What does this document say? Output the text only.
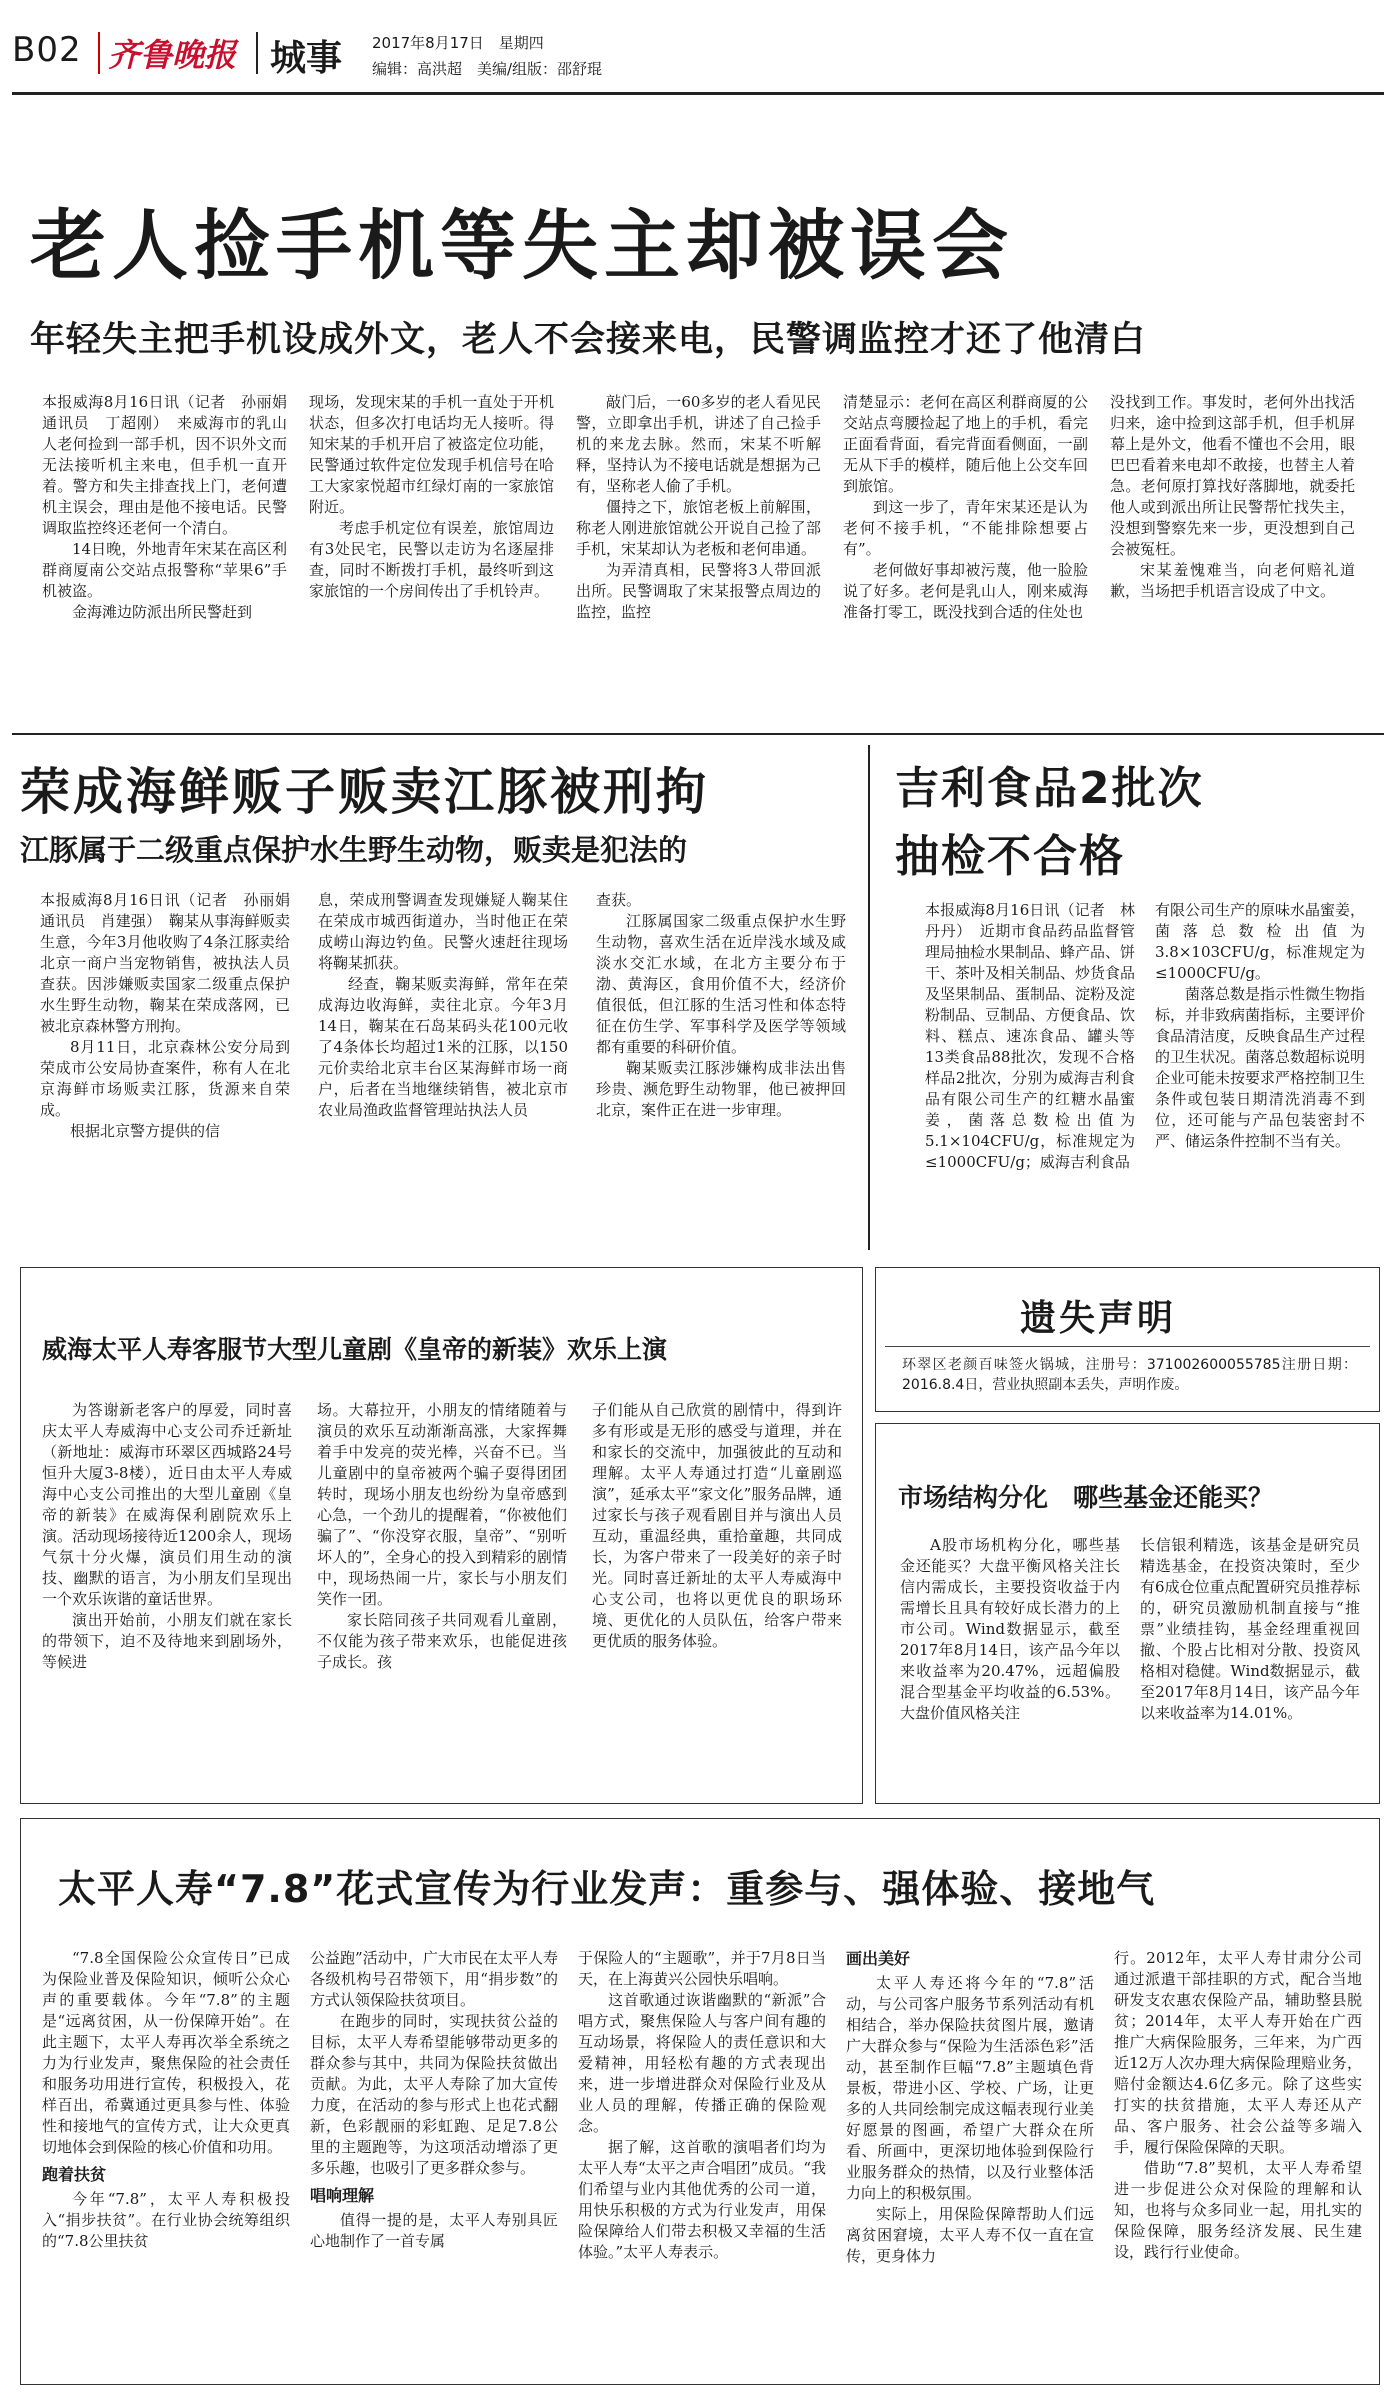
B02 齐鲁晚报 城事 2017年8月17日　星期四
编辑：高洪超　美编/组版：邵舒琨
老人捡手机等失主却被误会
年轻失主把手机设成外文，老人不会接来电，民警调监控才还了他清白

本报威海8月16日讯（记者　孙丽娟　通讯员　丁超刚）　来威海市的乳山人老何捡到一部手机，因不识外文而无法接听机主来电，但手机一直开着。警方和失主排查找上门，老何遭机主误会，理由是他不接电话。民警调取监控终还老何一个清白。

14日晚，外地青年宋某在高区利群商厦南公交站点报警称“苹果6”手机被盗。

金海滩边防派出所民警赶到

现场，发现宋某的手机一直处于开机状态，但多次打电话均无人接听。得知宋某的手机开启了被盗定位功能，民警通过软件定位发现手机信号在哈工大家家悦超市红绿灯南的一家旅馆附近。

考虑手机定位有误差，旅馆周边有3处民宅，民警以走访为名逐屋排查，同时不断拨打手机，最终听到这家旅馆的一个房间传出了手机铃声。

敲门后，一60多岁的老人看见民警，立即拿出手机，讲述了自己捡手机的来龙去脉。然而，宋某不听解释，坚持认为不接电话就是想据为己有，坚称老人偷了手机。

僵持之下，旅馆老板上前解围，称老人刚进旅馆就公开说自己捡了部手机，宋某却认为老板和老何串通。

为弄清真相，民警将3人带回派出所。民警调取了宋某报警点周边的监控，监控

清楚显示：老何在高区利群商厦的公交站点弯腰捡起了地上的手机，看完正面看背面，看完背面看侧面，一副无从下手的模样，随后他上公交车回到旅馆。

到这一步了，青年宋某还是认为老何不接手机，“不能排除想要占有”。

老何做好事却被污蔑，他一脸脸说了好多。老何是乳山人，刚来威海准备打零工，既没找到合适的住处也

没找到工作。事发时，老何外出找活归来，途中捡到这部手机，但手机屏幕上是外文，他看不懂也不会用，眼巴巴看着来电却不敢接，也替主人着急。老何原打算找好落脚地，就委托他人或到派出所让民警帮忙找失主，没想到警察先来一步，更没想到自己会被冤枉。

宋某羞愧难当，向老何赔礼道歉，当场把手机语言设成了中文。

荣成海鲜贩子贩卖江豚被刑拘
江豚属于二级重点保护水生野生动物，贩卖是犯法的

本报威海8月16日讯（记者　孙丽娟　通讯员　肖建强）　鞠某从事海鲜贩卖生意，今年3月他收购了4条江豚卖给北京一商户当宠物销售，被执法人员查获。因涉嫌贩卖国家二级重点保护水生野生动物，鞠某在荣成落网，已被北京森林警方刑拘。

8月11日，北京森林公安分局到荣成市公安局协查案件，称有人在北京海鲜市场贩卖江豚，货源来自荣成。

根据北京警方提供的信

息，荣成刑警调查发现嫌疑人鞠某住在荣成市城西街道办，当时他正在荣成崂山海边钓鱼。民警火速赶往现场将鞠某抓获。

经查，鞠某贩卖海鲜，常年在荣成海边收海鲜，卖往北京。今年3月14日，鞠某在石岛某码头花100元收了4条体长均超过1米的江豚，以150元价卖给北京丰台区某海鲜市场一商户，后者在当地继续销售，被北京市农业局渔政监督管理站执法人员

查获。

江豚属国家二级重点保护水生野生动物，喜欢生活在近岸浅水域及咸淡水交汇水域，在北方主要分布于渤、黄海区，食用价值不大，经济价值很低，但江豚的生活习性和体态特征在仿生学、军事科学及医学等领域都有重要的科研价值。

鞠某贩卖江豚涉嫌构成非法出售珍贵、濒危野生动物罪，他已被押回北京，案件正在进一步审理。

吉利食品2批次
抽检不合格

本报威海8月16日讯（记者　林丹丹）　近期市食品药品监督管理局抽检水果制品、蜂产品、饼干、茶叶及相关制品、炒货食品及坚果制品、蛋制品、淀粉及淀粉制品、豆制品、方便食品、饮料、糕点、速冻食品、罐头等13类食品88批次，发现不合格样品2批次，分别为威海吉利食品有限公司生产的红糖水晶蜜姜，菌落总数检出值为5.1×104CFU/g，标准规定为≤1000CFU/g；威海吉利食品

有限公司生产的原味水晶蜜姜，菌落总数检出值为3.8×103CFU/g，标准规定为≤1000CFU/g。

菌落总数是指示性微生物指标，并非致病菌指标，主要评价食品清洁度，反映食品生产过程的卫生状况。菌落总数超标说明企业可能未按要求严格控制卫生条件或包装日期清洗消毒不到位，还可能与产品包装密封不严、储运条件控制不当有关。

威海太平人寿客服节大型儿童剧《皇帝的新装》欢乐上演

为答谢新老客户的厚爱，同时喜庆太平人寿威海中心支公司乔迁新址（新地址：威海市环翠区西城路24号恒升大厦3-8楼），近日由太平人寿威海中心支公司推出的大型儿童剧《皇帝的新装》在威海保利剧院欢乐上演。活动现场接待近1200余人，现场气氛十分火爆，演员们用生动的演技、幽默的语言，为小朋友们呈现出一个欢乐诙谐的童话世界。

演出开始前，小朋友们就在家长的带领下，迫不及待地来到剧场外，等候进

场。大幕拉开，小朋友的情绪随着与演员的欢乐互动渐渐高涨，大家挥舞着手中发亮的荧光棒，兴奋不已。当儿童剧中的皇帝被两个骗子耍得团团转时，现场小朋友也纷纷为皇帝感到心急，一个劲儿的提醒着，“你被他们骗了”、“你没穿衣服，皇帝”、“别听坏人的”，全身心的投入到精彩的剧情中，现场热闹一片，家长与小朋友们笑作一团。

家长陪同孩子共同观看儿童剧，不仅能为孩子带来欢乐，也能促进孩子成长。孩

子们能从自己欣赏的剧情中，得到许多有形或是无形的感受与道理，并在和家长的交流中，加强彼此的互动和理解。太平人寿通过打造“儿童剧巡演”，延承太平“家文化”服务品牌，通过家长与孩子观看剧目并与演出人员互动，重温经典，重拾童趣，共同成长，为客户带来了一段美好的亲子时光。同时喜迁新址的太平人寿威海中心支公司，也将以更优良的职场环境、更优化的人员队伍，给客户带来更优质的服务体验。

遗失声明
环翠区老颜百味签火锅城，注册号：371002600055785注册日期：2016.8.4日，营业执照副本丢失，声明作废。
市场结构分化　哪些基金还能买？

A股市场机构分化，哪些基金还能买？大盘平衡风格关注长信内需成长，主要投资收益于内需增长且具有较好成长潜力的上市公司。Wind数据显示，截至2017年8月14日，该产品今年以来收益率为20.47%，远超偏股混合型基金平均收益的6.53%。大盘价值风格关注

长信银利精选，该基金是研究员精选基金，在投资决策时，至少有6成仓位重点配置研究员推荐标的，研究员激励机制直接与“推票”业绩挂钩，基金经理重视回撤、个股占比相对分散、投资风格相对稳健。Wind数据显示，截至2017年8月14日，该产品今年以来收益率为14.01%。

太平人寿“7.8”花式宣传为行业发声：重参与、强体验、接地气

“7.8全国保险公众宣传日”已成为保险业普及保险知识，倾听公众心声的重要载体。今年“7.8”的主题是“远离贫困，从一份保障开始”。在此主题下，太平人寿再次举全系统之力为行业发声，聚焦保险的社会责任和服务功用进行宣传，积极投入，花样百出，希冀通过更具参与性、体验性和接地气的宣传方式，让大众更真切地体会到保险的核心价值和功用。

跑着扶贫

今年“7.8”，太平人寿积极投入“捐步扶贫”。在行业协会统筹组织的“7.8公里扶贫

公益跑”活动中，广大市民在太平人寿各级机构号召带领下，用“捐步数”的方式认领保险扶贫项目。

在跑步的同时，实现扶贫公益的目标，太平人寿希望能够带动更多的群众参与其中，共同为保险扶贫做出贡献。为此，太平人寿除了加大宣传力度，在活动的参与形式上也花式翻新，色彩靓丽的彩虹跑、足足7.8公里的主题跑等，为这项活动增添了更多乐趣，也吸引了更多群众参与。

唱响理解

值得一提的是，太平人寿别具匠心地制作了一首专属

于保险人的“主题歌”，并于7月8日当天，在上海黄兴公园快乐唱响。

这首歌通过诙谐幽默的“新派”合唱方式，聚焦保险人与客户间有趣的互动场景，将保险人的责任意识和大爱精神，用轻松有趣的方式表现出来，进一步增进群众对保险行业及从业人员的理解，传播正确的保险观念。

据了解，这首歌的演唱者们均为太平人寿“太平之声合唱团”成员。“我们希望与业内其他优秀的公司一道，用快乐积极的方式为行业发声，用保险保障给人们带去积极又幸福的生活体验。”太平人寿表示。

画出美好

太平人寿还将今年的“7.8”活动，与公司客户服务节系列活动有机相结合，举办保险扶贫图片展，邀请广大群众参与“保险为生活添色彩”活动，甚至制作巨幅“7.8”主题填色背景板，带进小区、学校、广场，让更多的人共同绘制完成这幅表现行业美好愿景的图画，希望广大群众在所看、所画中，更深切地体验到保险行业服务群众的热情，以及行业整体活力向上的积极氛围。

实际上，用保险保障帮助人们远离贫困窘境，太平人寿不仅一直在宣传，更身体力

行。2012年，太平人寿甘肃分公司通过派遣干部挂职的方式，配合当地研发支农惠农保险产品，辅助整县脱贫；2014年，太平人寿开始在广西推广大病保险服务，三年来，为广西近12万人次办理大病保险理赔业务，赔付金额达4.6亿多元。除了这些实打实的扶贫措施，太平人寿还从产品、客户服务、社会公益等多端入手，履行保险保障的天职。

借助“7.8”契机，太平人寿希望进一步促进公众对保险的理解和认知，也将与众多同业一起，用扎实的保险保障，服务经济发展、民生建设，践行行业使命。
